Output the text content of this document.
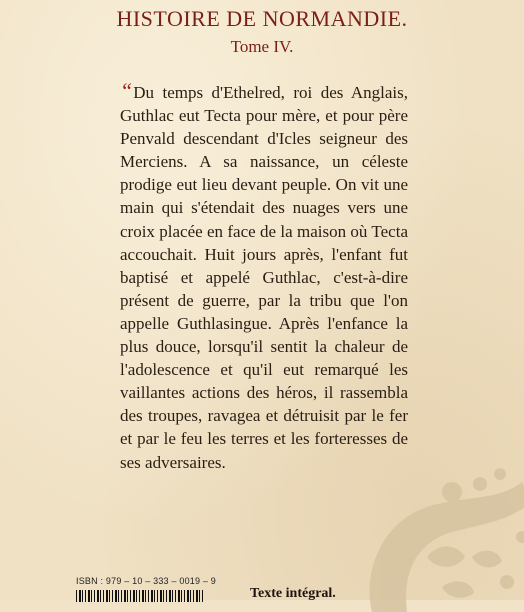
HISTOIRE DE NORMANDIE.
Tome IV.
“Du temps d'Ethelred, roi des Anglais, Guthlac eut Tecta pour mère, et pour père Penvald descendant d'Icles seigneur des Merciens. A sa naissance, un céleste prodige eut lieu devant peuple. On vit une main qui s'étendait des nuages vers une croix placée en face de la maison où Tecta accouchait. Huit jours après, l'enfant fut baptisé et appelé Guthlac, c'est-à-dire présent de guerre, par la tribu que l'on appelle Guthlasingue. Après l'enfance la plus douce, lorsqu'il sentit la chaleur de l'adolescence et qu'il eut remarqué les vaillantes actions des héros, il rassembla des troupes, ravagea et détruisit par le fer et par le feu les terres et les forteresses de ses adversaires.
ISBN : 979 – 10 – 333 – 0019 – 9
Texte intégral.
